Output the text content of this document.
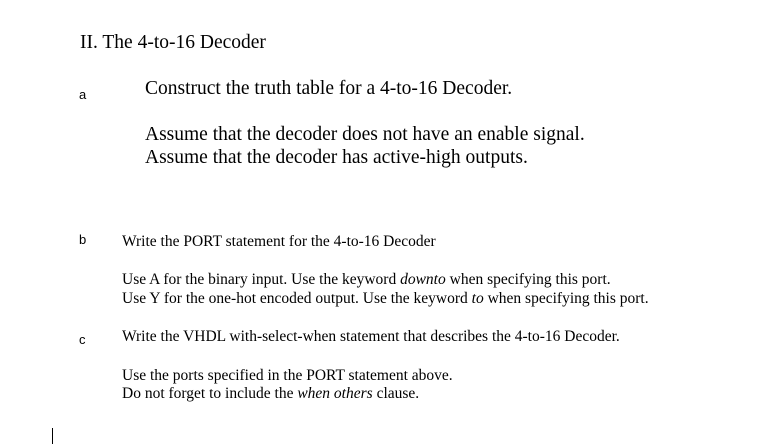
II. The 4-to-16 Decoder
a	Construct the truth table for a 4-to-16 Decoder.
Assume that the decoder does not have an enable signal.
Assume that the decoder has active-high outputs.
b Write the PORT statement for the 4-to-16 Decoder
Use A for the binary input. Use the keyword downto when specifying this port.
Use Y for the one-hot encoded output. Use the keyword to when specifying this port.
c Write the VHDL with-select-when statement that describes the 4-to-16 Decoder.
Use the ports specified in the PORT statement above.
Do not forget to include the when others clause.
